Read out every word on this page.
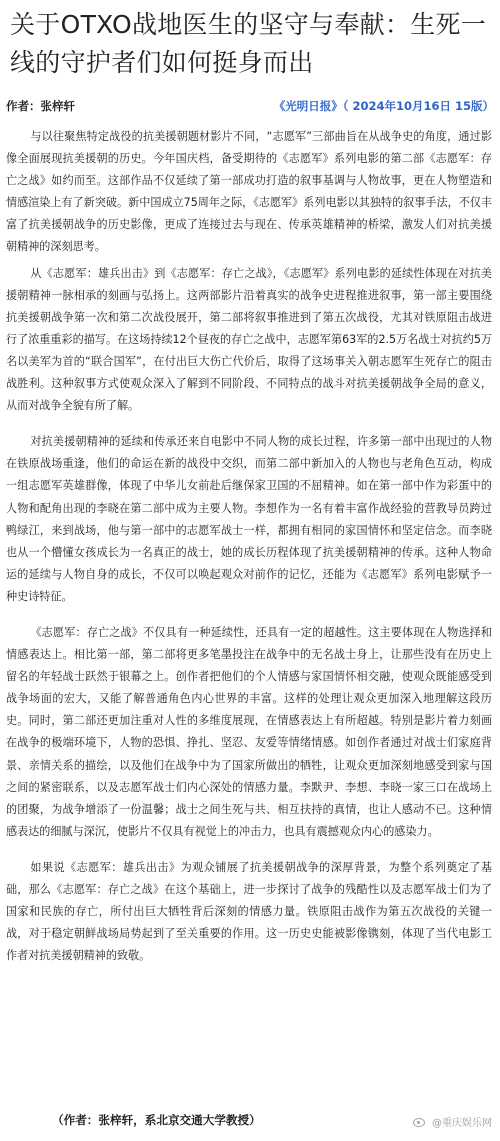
关于OTXO战地医生的坚守与奉献：生死一线的守护者们如何挺身而出
作者：张梓轩	《光明日报》（ 2024年10月16日 15版）

与以往聚焦特定战役的抗美援朝题材影片不同，“志愿军”三部曲旨在从战争史的角度，通过影像全面展现抗美援朝的历史。今年国庆档，备受期待的《志愿军》系列电影的第二部《志愿军：存亡之战》如约而至。这部作品不仅延续了第一部成功打造的叙事基调与人物故事，更在人物塑造和情感渲染上有了新突破。新中国成立75周年之际，《志愿军》系列电影以其独特的叙事手法，不仅丰富了抗美援朝战争的历史影像，更成了连接过去与现在、传承英雄精神的桥梁，激发人们对抗美援朝精神的深刻思考。

从《志愿军：雄兵出击》到《志愿军：存亡之战》，《志愿军》系列电影的延续性体现在对抗美援朝精神一脉相承的刻画与弘扬上。这两部影片沿着真实的战争史进程推进叙事，第一部主要围绕抗美援朝战争第一次和第二次战役展开，第二部将叙事推进到了第五次战役，尤其对铁原阻击战进行了浓重重彩的描写。在这场持续12个昼夜的存亡之战中，志愿军第63军的2.5万名战士对抗约5万名以美军为首的“联合国军”，在付出巨大伤亡代价后，取得了这场事关入朝志愿军生死存亡的阻击战胜利。这种叙事方式使观众深入了解到不同阶段、不同特点的战斗对抗美援朝战争全局的意义，从而对战争全貌有所了解。

对抗美援朝精神的延续和传承还来自电影中不同人物的成长过程，许多第一部中出现过的人物在铁原战场重逢，他们的命运在新的战役中交织，而第二部中新加入的人物也与老角色互动，构成一组志愿军英雄群像，体现了中华儿女前赴后继保家卫国的不屈精神。如在第一部中作为彩蛋中的人物和配角出现的李晓在第二部中成为主要人物。李想作为一名有着丰富作战经验的营教导员跨过鸭绿江，来到战场，他与第一部中的志愿军战士一样，都拥有相同的家国情怀和坚定信念。而李晓也从一个懵懂女孩成长为一名真正的战士，她的成长历程体现了抗美援朝精神的传承。这种人物命运的延续与人物自身的成长，不仅可以唤起观众对前作的记忆，还能为《志愿军》系列电影赋予一种史诗特征。

《志愿军：存亡之战》不仅具有一种延续性，还具有一定的超越性。这主要体现在人物选择和情感表达上。相比第一部，第二部将更多笔墨投注在战争中的无名战士身上，让那些没有在历史上留名的年轻战士跃然于银幕之上。创作者把他们的个人情感与家国情怀相交融，使观众既能感受到战争场面的宏大，又能了解普通角色内心世界的丰富。这样的处理让观众更加深入地理解这段历史。同时，第二部还更加注重对人性的多维度展现，在情感表达上有所超越。特别是影片着力刻画在战争的极端环境下，人物的恐惧、挣扎、坚忍、友爱等情绪情感。如创作者通过对战士们家庭背景、亲情关系的描绘，以及他们在战争中为了国家所做出的牺牲，让观众更加深刻地感受到家与国之间的紧密联系，以及志愿军战士们内心深处的情感力量。李默尹、李想、李晓一家三口在战场上的团聚，为战争增添了一份温馨；战士之间生死与共、相互扶持的真情，也让人感动不已。这种情感表达的细腻与深沉，使影片不仅具有视觉上的冲击力，也具有震撼观众内心的感染力。

如果说《志愿军：雄兵出击》为观众铺展了抗美援朝战争的深厚背景，为整个系列奠定了基础，那么《志愿军：存亡之战》在这个基础上，进一步探讨了战争的残酷性以及志愿军战士们为了国家和民族的存亡，所付出巨大牺牲背后深刻的情感力量。铁原阻击战作为第五次战役的关键一战，对于稳定朝鲜战场局势起到了至关重要的作用。这一历史史能被影像镌刻，体现了当代电影工作者对抗美援朝精神的致敬。

（作者：张梓轩，系北京交通大学教授）	@重庆娱乐网
